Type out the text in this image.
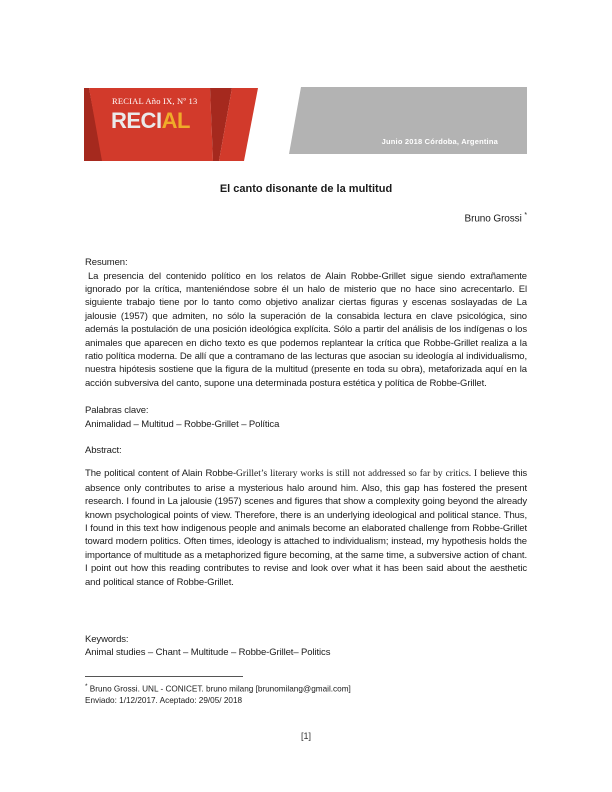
RECIAL Año IX, Nº 13
RECIAL
Junio 2018 Córdoba, Argentina
El canto disonante de la multitud
Bruno Grossi *
Resumen:
La presencia del contenido político en los relatos de Alain Robbe-Grillet sigue siendo extrañamente ignorado por la crítica, manteniéndose sobre él un halo de misterio que no hace sino acrecentarlo. El siguiente trabajo tiene por lo tanto como objetivo analizar ciertas figuras y escenas soslayadas de La jalousie (1957) que admiten, no sólo la superación de la consabida lectura en clave psicológica, sino además la postulación de una posición ideológica explícita. Sólo a partir del análisis de los indígenas o los animales que aparecen en dicho texto es que podemos replantear la crítica que Robbe-Grillet realiza a la ratio política moderna. De allí que a contramano de las lecturas que asocian su ideología al individualismo, nuestra hipótesis sostiene que la figura de la multitud (presente en toda su obra), metaforizada aquí en la acción subversiva del canto, supone una determinada postura estética y política de Robbe-Grillet.
Palabras clave:
Animalidad – Multitud – Robbe-Grillet – Política
Abstract:
The political content of Alain Robbe-Grillet’s literary works is still not addressed so far by critics. I believe this absence only contributes to arise a mysterious halo around him. Also, this gap has fostered the present research. I found in La jalousie (1957) scenes and figures that show a complexity going beyond the already known psychological points of view. Therefore, there is an underlying ideological and political stance. Thus, I found in this text how indigenous people and animals become an elaborated challenge from Robbe-Grillet toward modern politics. Often times, ideology is attached to individualism; instead, my hypothesis holds the importance of multitude as a metaphorized figure becoming, at the same time, a subversive action of chant. I point out how this reading contributes to revise and look over what it has been said about the aesthetic and political stance of Robbe-Grillet.
Keywords:
Animal studies – Chant – Multitude – Robbe-Grillet– Politics
* Bruno Grossi. UNL - CONICET. bruno milang [brunomilang@gmail.com]
Enviado: 1/12/2017. Aceptado: 29/05/ 2018
[1]
